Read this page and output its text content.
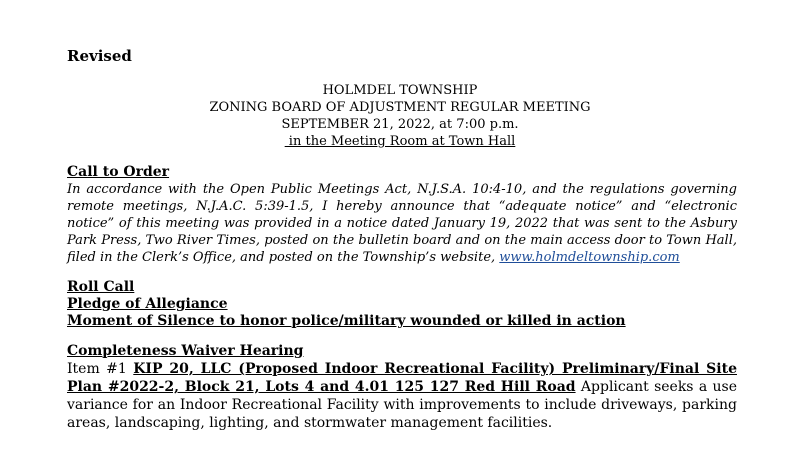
Revised
HOLMDEL TOWNSHIP
ZONING BOARD OF ADJUSTMENT REGULAR MEETING
SEPTEMBER 21, 2022, at 7:00 p.m.
in the Meeting Room at Town Hall
Call to Order
In accordance with the Open Public Meetings Act, N.J.S.A. 10:4-10, and the regulations governing remote meetings, N.J.A.C. 5:39-1.5, I hereby announce that “adequate notice” and “electronic notice” of this meeting was provided in a notice dated January 19, 2022 that was sent to the Asbury Park Press, Two River Times, posted on the bulletin board and on the main access door to Town Hall, filed in the Clerk’s Office, and posted on the Township’s website, www.holmdeltownship.com
Roll Call
Pledge of Allegiance
Moment of Silence to honor police/military wounded or killed in action
Completeness Waiver Hearing
Item #1 KIP 20, LLC (Proposed Indoor Recreational Facility) Preliminary/Final Site Plan #2022-2, Block 21, Lots 4 and 4.01 125 127 Red Hill Road Applicant seeks a use variance for an Indoor Recreational Facility with improvements to include driveways, parking areas, landscaping, lighting, and stormwater management facilities.
